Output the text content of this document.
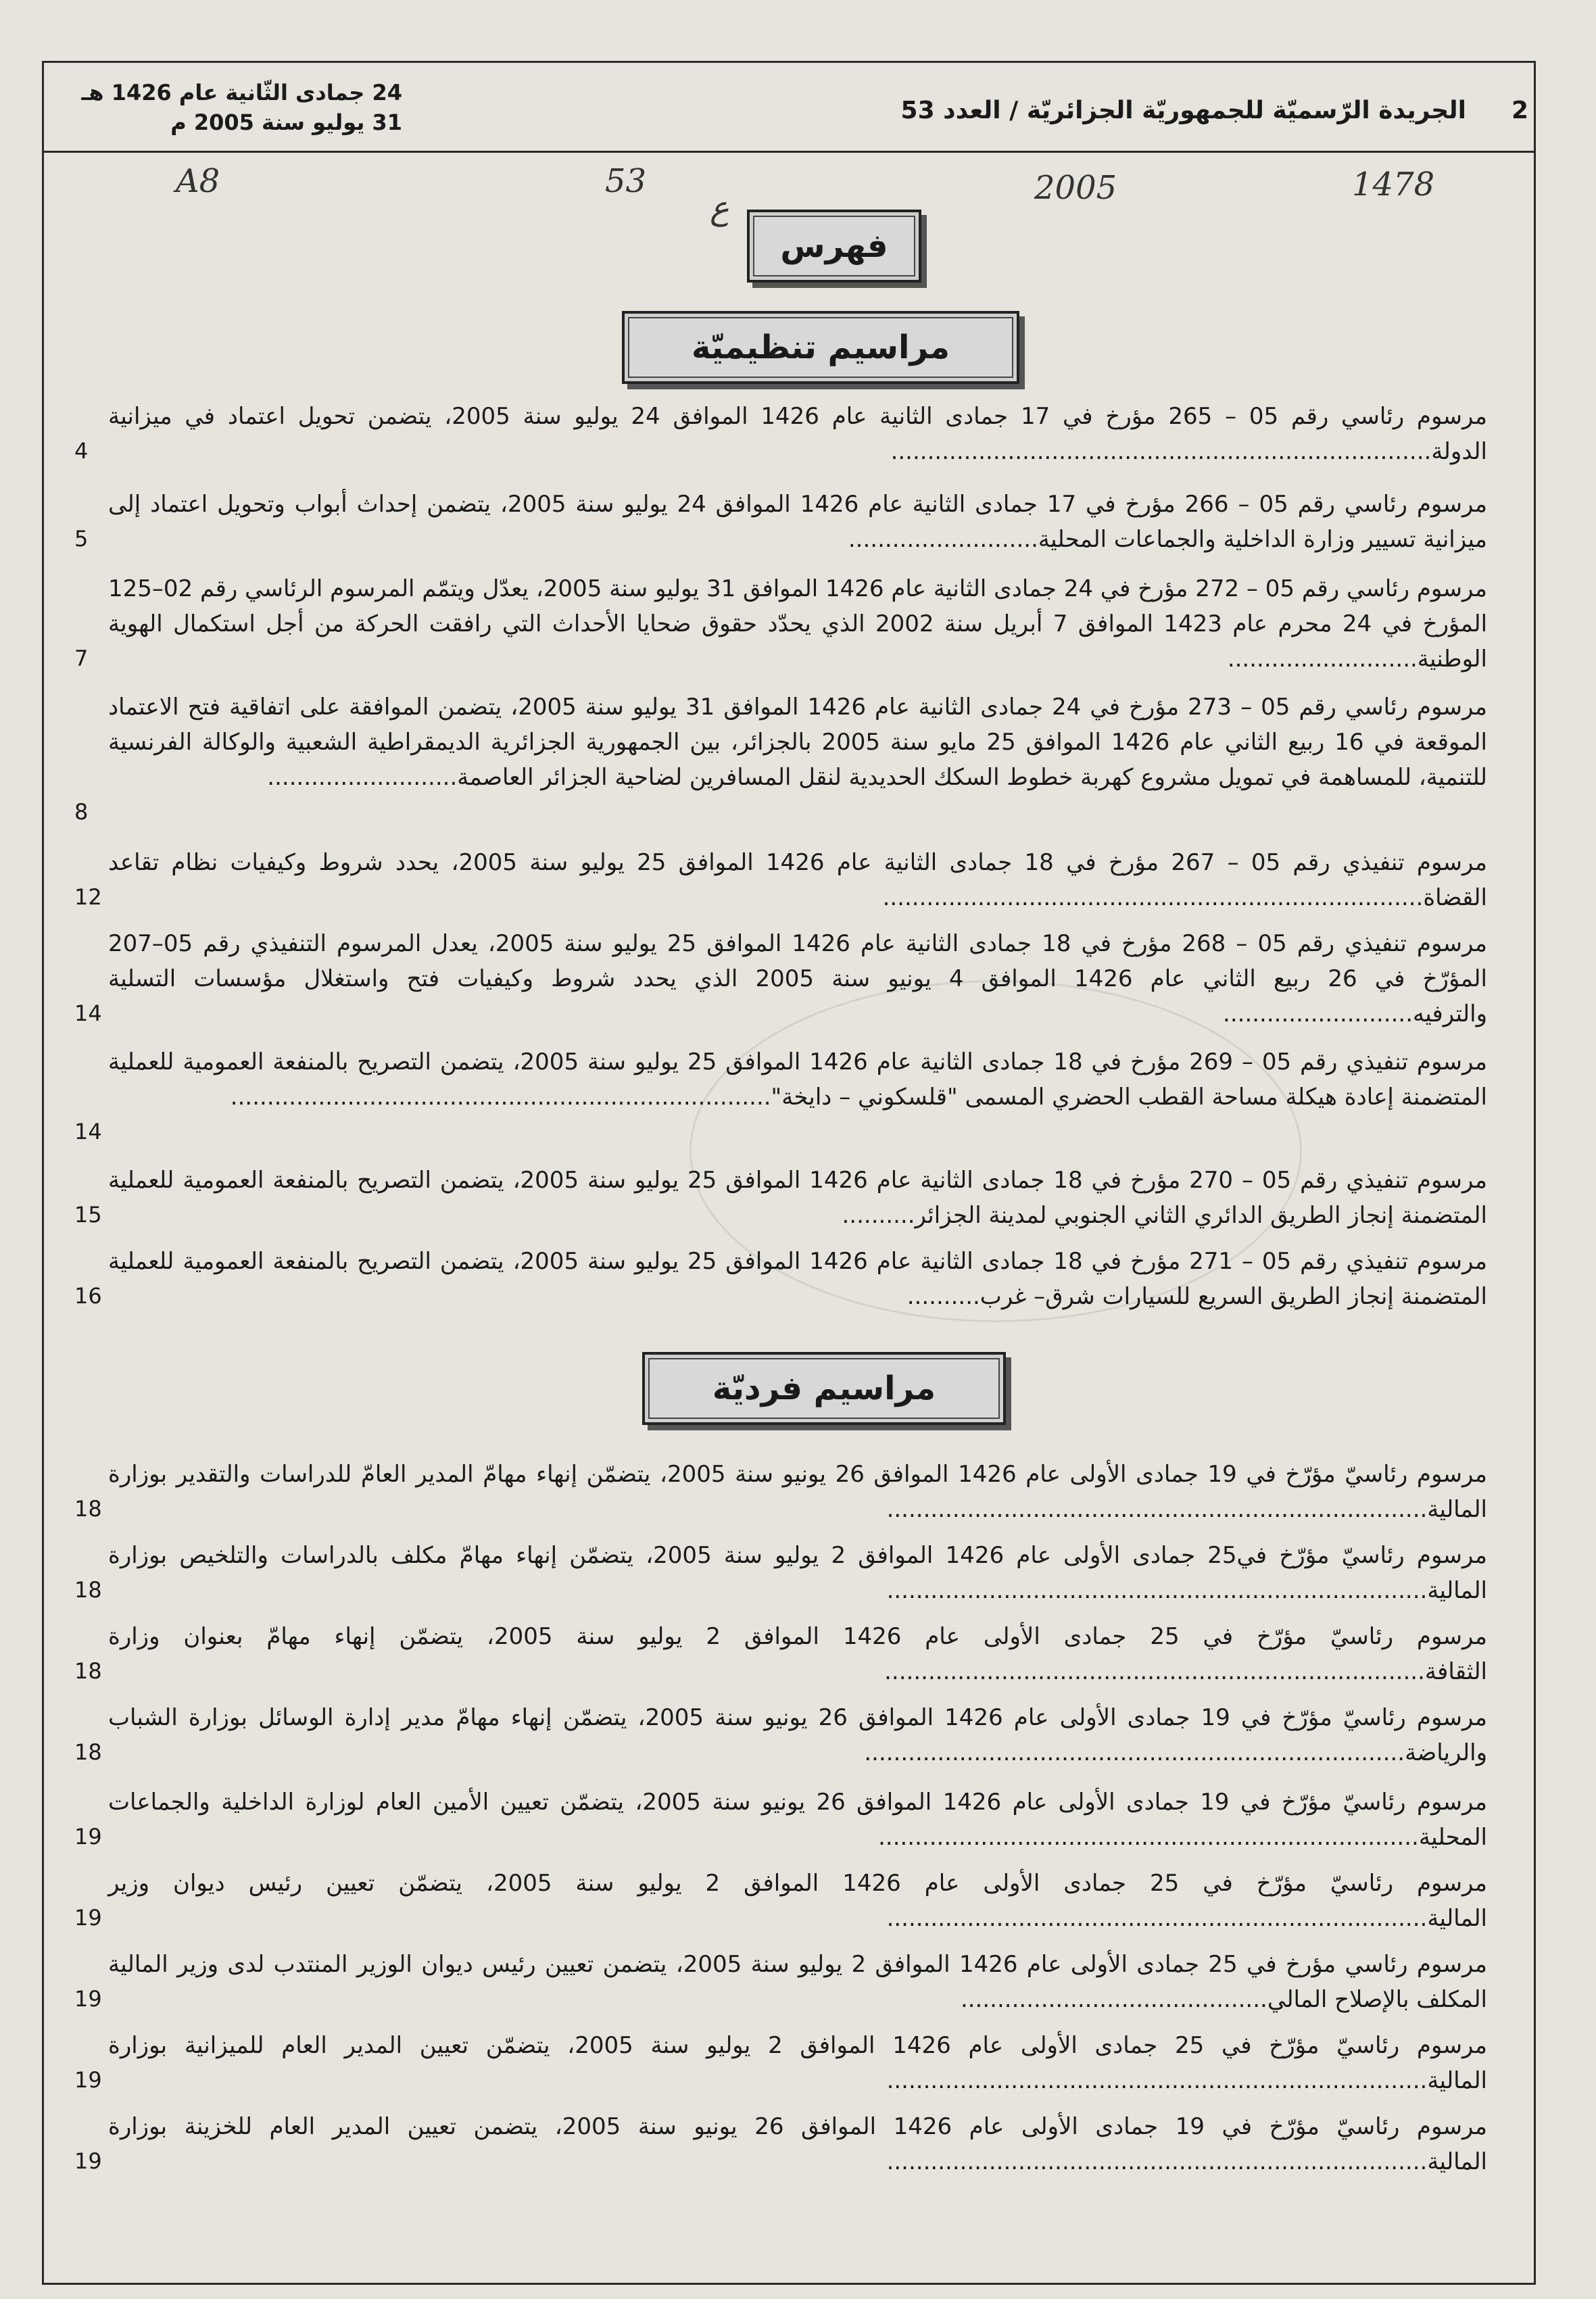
24 جمادى الثّانية عام 1426 هـ
31 يوليو سنة 2005 م	الجريدة الرّسميّة للجمهوريّة الجزائريّة / العدد 53 2
A8	53
ع
2005	1478
فهرس
مراسيم تنظيميّة
مرسوم رئاسي رقم 05 – 265 مؤرخ في 17 جمادى الثانية عام 1426 الموافق 24 يوليو سنة 2005، يتضمن تحويل اعتماد في ميزانية الدولة..........................................................................
4
مرسوم رئاسي رقم 05 – 266 مؤرخ في 17 جمادى الثانية عام 1426 الموافق 24 يوليو سنة 2005، يتضمن إحداث أبواب وتحويل اعتماد إلى ميزانية تسيير وزارة الداخلية والجماعات المحلية..........................
5
مرسوم رئاسي رقم 05 – 272 مؤرخ في 24 جمادى الثانية عام 1426 الموافق 31 يوليو سنة 2005، يعدّل ويتمّم المرسوم الرئاسي رقم 02–125 المؤرخ في 24 محرم عام 1423 الموافق 7 أبريل سنة 2002 الذي يحدّد حقوق ضحايا الأحداث التي رافقت الحركة من أجل استكمال الهوية الوطنية..........................
7
مرسوم رئاسي رقم 05 – 273 مؤرخ في 24 جمادى الثانية عام 1426 الموافق 31 يوليو سنة 2005، يتضمن الموافقة على اتفاقية فتح الاعتماد الموقعة في 16 ربيع الثاني عام 1426 الموافق 25 مايو سنة 2005 بالجزائر، بين الجمهورية الجزائرية الديمقراطية الشعبية والوكالة الفرنسية للتنمية، للمساهمة في تمويل مشروع كهربة خطوط السكك الحديدية لنقل المسافرين لضاحية الجزائر العاصمة..........................
8
مرسوم تنفيذي رقم 05 – 267 مؤرخ في 18 جمادى الثانية عام 1426 الموافق 25 يوليو سنة 2005، يحدد شروط وكيفيات نظام تقاعد القضاة..........................................................................
12
مرسوم تنفيذي رقم 05 – 268 مؤرخ في 18 جمادى الثانية عام 1426 الموافق 25 يوليو سنة 2005، يعدل المرسوم التنفيذي رقم 05–207 المؤرّخ في 26 ربيع الثاني عام 1426 الموافق 4 يونيو سنة 2005 الذي يحدد شروط وكيفيات فتح واستغلال مؤسسات التسلية والترفيه..........................
14
مرسوم تنفيذي رقم 05 – 269 مؤرخ في 18 جمادى الثانية عام 1426 الموافق 25 يوليو سنة 2005، يتضمن التصريح بالمنفعة العمومية للعملية المتضمنة إعادة هيكلة مساحة القطب الحضري المسمى "قلسكوني – دايخة"..........................................................................
14
مرسوم تنفيذي رقم 05 – 270 مؤرخ في 18 جمادى الثانية عام 1426 الموافق 25 يوليو سنة 2005، يتضمن التصريح بالمنفعة العمومية للعملية المتضمنة إنجاز الطريق الدائري الثاني الجنوبي لمدينة الجزائر..........
15
مرسوم تنفيذي رقم 05 – 271 مؤرخ في 18 جمادى الثانية عام 1426 الموافق 25 يوليو سنة 2005، يتضمن التصريح بالمنفعة العمومية للعملية المتضمنة إنجاز الطريق السريع للسيارات شرق– غرب..........
16
مراسيم فرديّة
مرسوم رئاسيّ مؤرّخ في 19 جمادى الأولى عام 1426 الموافق 26 يونيو سنة 2005، يتضمّن إنهاء مهامّ المدير العامّ للدراسات والتقدير بوزارة المالية..........................................................................
18
مرسوم رئاسيّ مؤرّخ في25 جمادى الأولى عام 1426 الموافق 2 يوليو سنة 2005، يتضمّن إنهاء مهامّ مكلف بالدراسات والتلخيص بوزارة المالية..........................................................................
18
مرسوم رئاسيّ مؤرّخ في 25 جمادى الأولى عام 1426 الموافق 2 يوليو سنة 2005، يتضمّن إنهاء مهامّ بعنوان وزارة الثقافة..........................................................................
18
مرسوم رئاسيّ مؤرّخ في 19 جمادى الأولى عام 1426 الموافق 26 يونيو سنة 2005، يتضمّن إنهاء مهامّ مدير إدارة الوسائل بوزارة الشباب والرياضة..........................................................................
18
مرسوم رئاسيّ مؤرّخ في 19 جمادى الأولى عام 1426 الموافق 26 يونيو سنة 2005، يتضمّن تعيين الأمين العام لوزارة الداخلية والجماعات المحلية..........................................................................
19
مرسوم رئاسيّ مؤرّخ في 25 جمادى الأولى عام 1426 الموافق 2 يوليو سنة 2005، يتضمّن تعيين رئيس ديوان وزير المالية..........................................................................
19
مرسوم رئاسي مؤرخ في 25 جمادى الأولى عام 1426 الموافق 2 يوليو سنة 2005، يتضمن تعيين رئيس ديوان الوزير المنتدب لدى وزير المالية المكلف بالإصلاح المالي..........................................
19
مرسوم رئاسيّ مؤرّخ في 25 جمادى الأولى عام 1426 الموافق 2 يوليو سنة 2005، يتضمّن تعيين المدير العام للميزانية بوزارة المالية..........................................................................
19
مرسوم رئاسيّ مؤرّخ في 19 جمادى الأولى عام 1426 الموافق 26 يونيو سنة 2005، يتضمن تعيين المدير العام للخزينة بوزارة المالية..........................................................................
19
